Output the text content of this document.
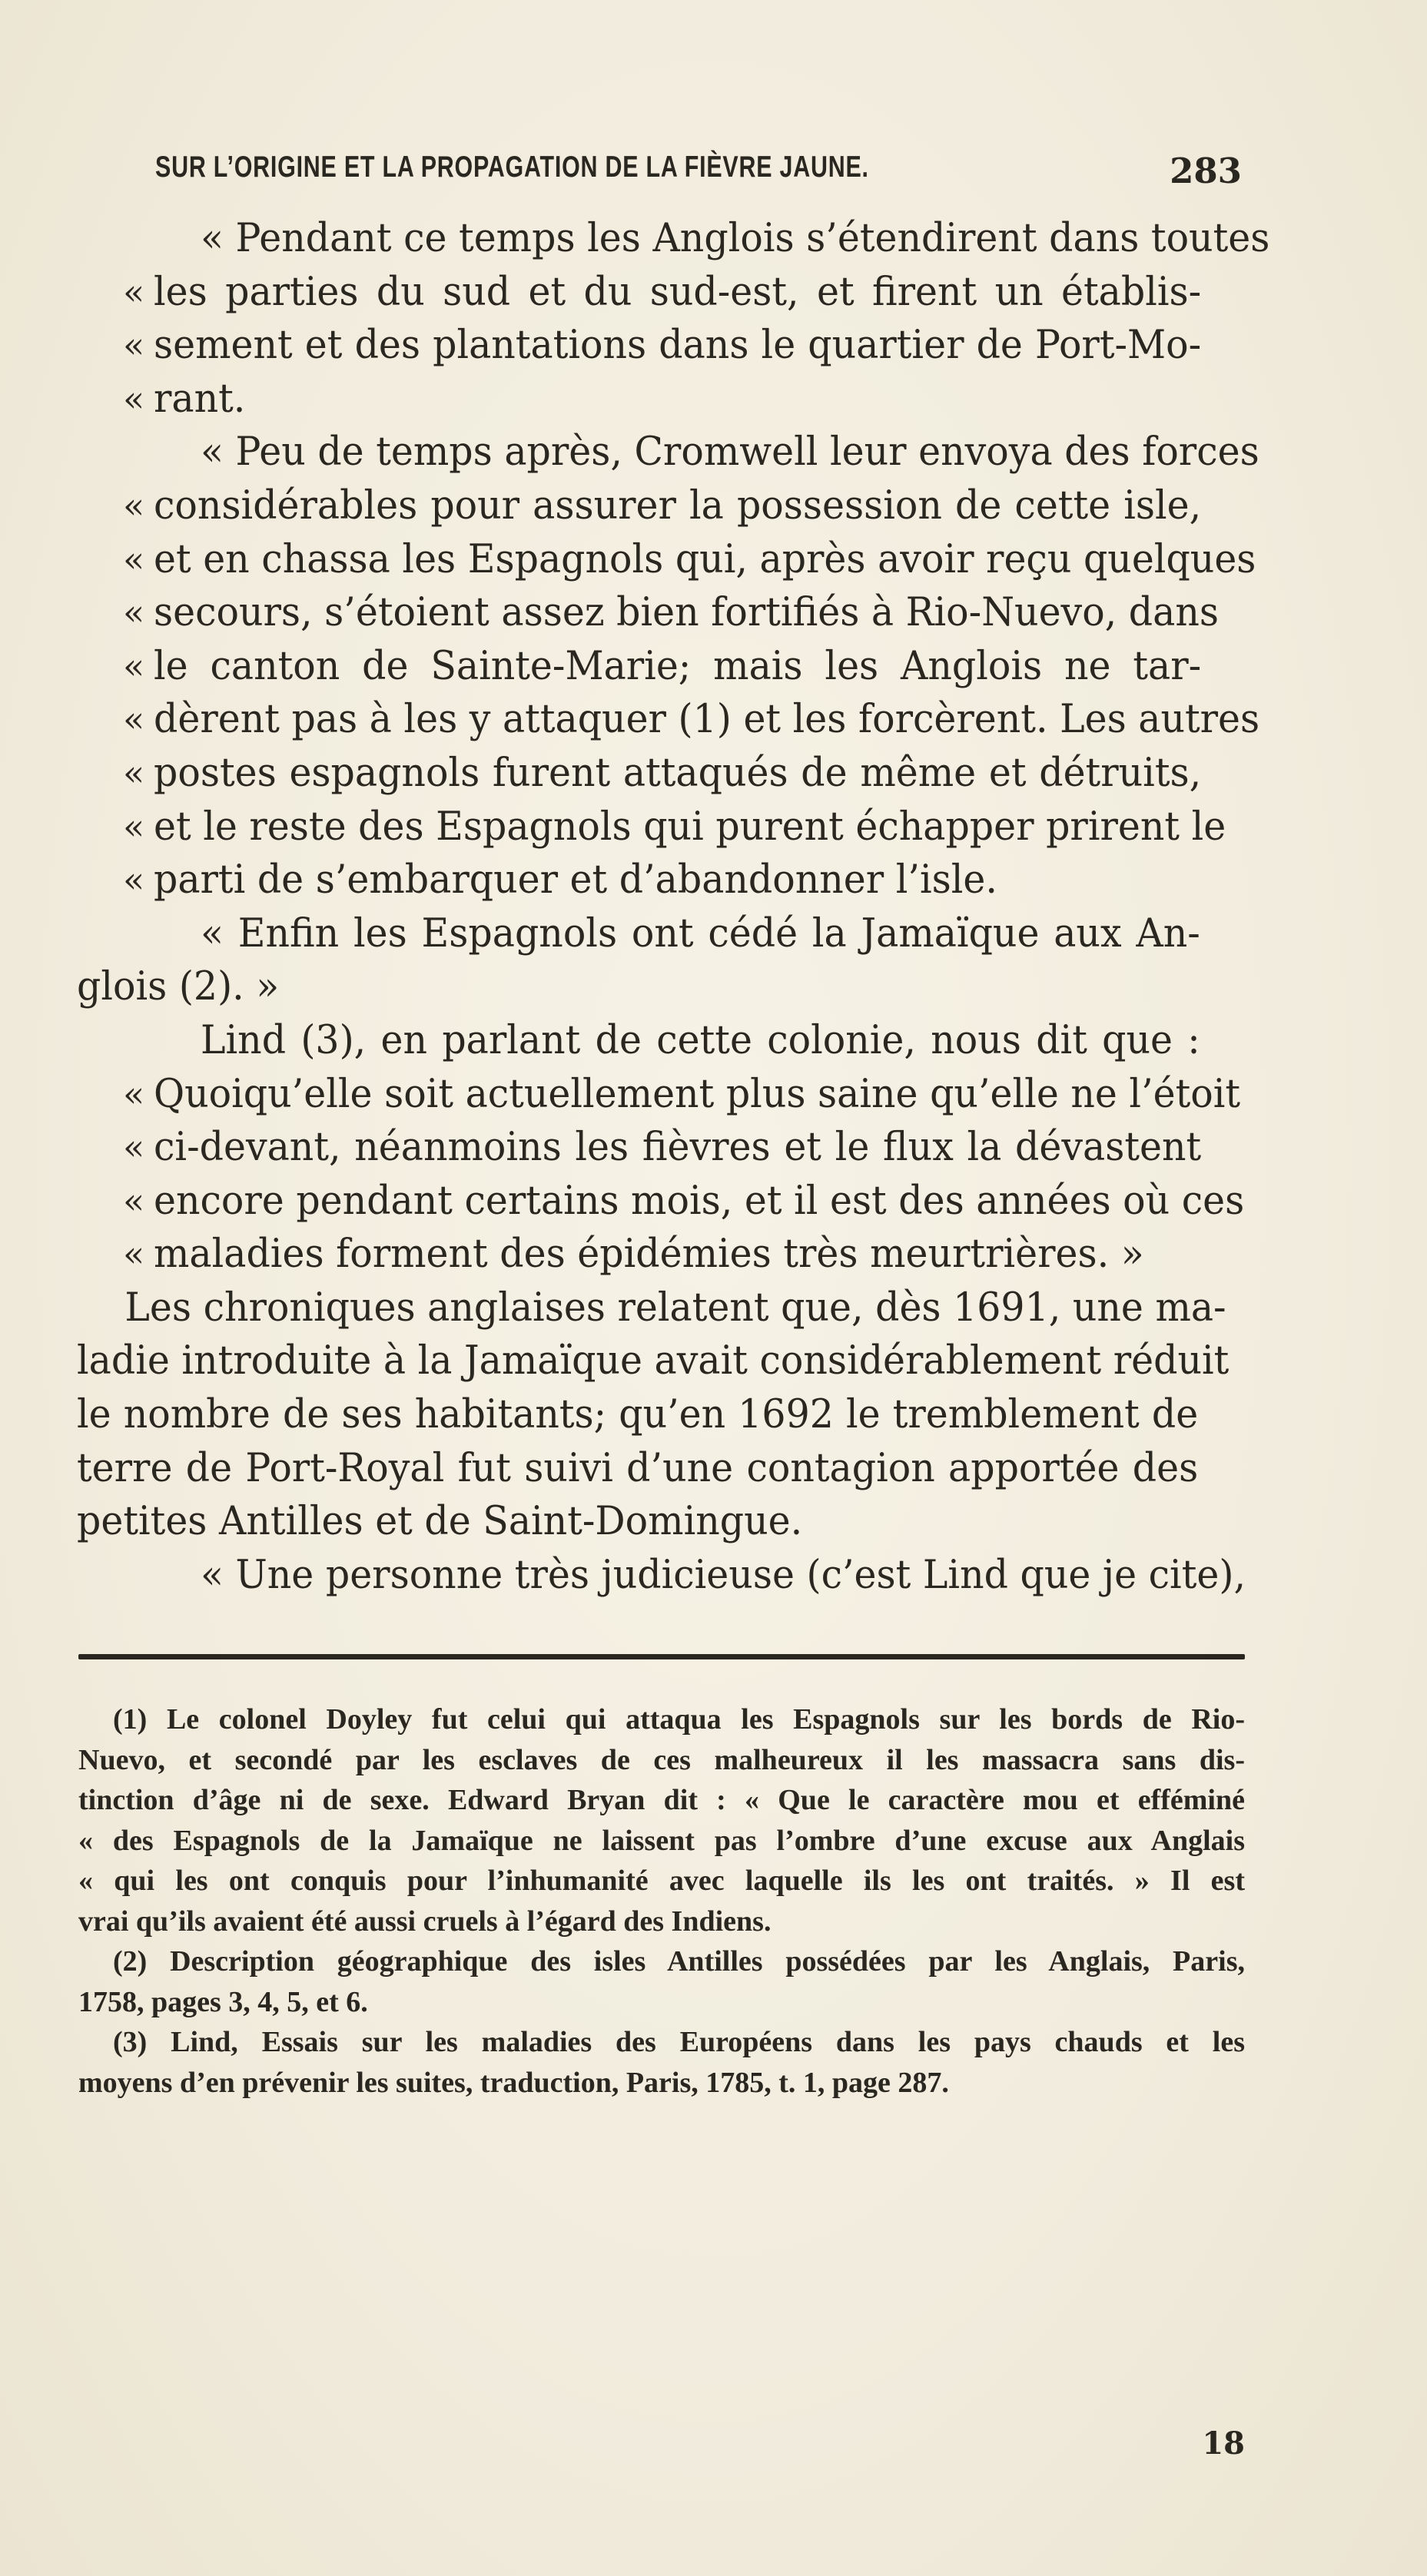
SUR L’ORIGINE ET LA PROPAGATION DE LA FIÈVRE JAUNE.	283
« Pendant ce temps les Anglois s’étendirent dans toutes
« les parties du sud et du sud-est, et firent un établis-
« sement et des plantations dans le quartier de Port-Mo-
« rant.
« Peu de temps après, Cromwell leur envoya des forces
« considérables pour assurer la possession de cette isle,
« et en chassa les Espagnols qui, après avoir reçu quelques
« secours, s’étoient assez bien fortifiés à Rio-Nuevo, dans
« le canton de Sainte-Marie; mais les Anglois ne tar-
« dèrent pas à les y attaquer (1) et les forcèrent. Les autres
« postes espagnols furent attaqués de même et détruits,
« et le reste des Espagnols qui purent échapper prirent le
« parti de s’embarquer et d’abandonner l’isle.
« Enfin les Espagnols ont cédé la Jamaïque aux An-
glois (2). »
Lind (3), en parlant de cette colonie, nous dit que :
« Quoiqu’elle soit actuellement plus saine qu’elle ne l’étoit
« ci-devant, néanmoins les fièvres et le flux la dévastent
« encore pendant certains mois, et il est des années où ces
« maladies forment des épidémies très meurtrières. »
Les chroniques anglaises relatent que, dès 1691, une ma-
ladie introduite à la Jamaïque avait considérablement réduit
le nombre de ses habitants; qu’en 1692 le tremblement de
terre de Port-Royal fut suivi d’une contagion apportée des
petites Antilles et de Saint-Domingue.
« Une personne très judicieuse (c’est Lind que je cite),
(1) Le colonel Doyley fut celui qui attaqua les Espagnols sur les bords de Rio-
Nuevo, et secondé par les esclaves de ces malheureux il les massacra sans dis-
tinction d’âge ni de sexe. Edward Bryan dit : « Que le caractère mou et efféminé
« des Espagnols de la Jamaïque ne laissent pas l’ombre d’une excuse aux Anglais
« qui les ont conquis pour l’inhumanité avec laquelle ils les ont traités. » Il est
vrai qu’ils avaient été aussi cruels à l’égard des Indiens.
(2) Description géographique des isles Antilles possédées par les Anglais, Paris,
1758, pages 3, 4, 5, et 6.
(3) Lind, Essais sur les maladies des Européens dans les pays chauds et les
moyens d’en prévenir les suites, traduction, Paris, 1785, t. 1, page 287.
18
